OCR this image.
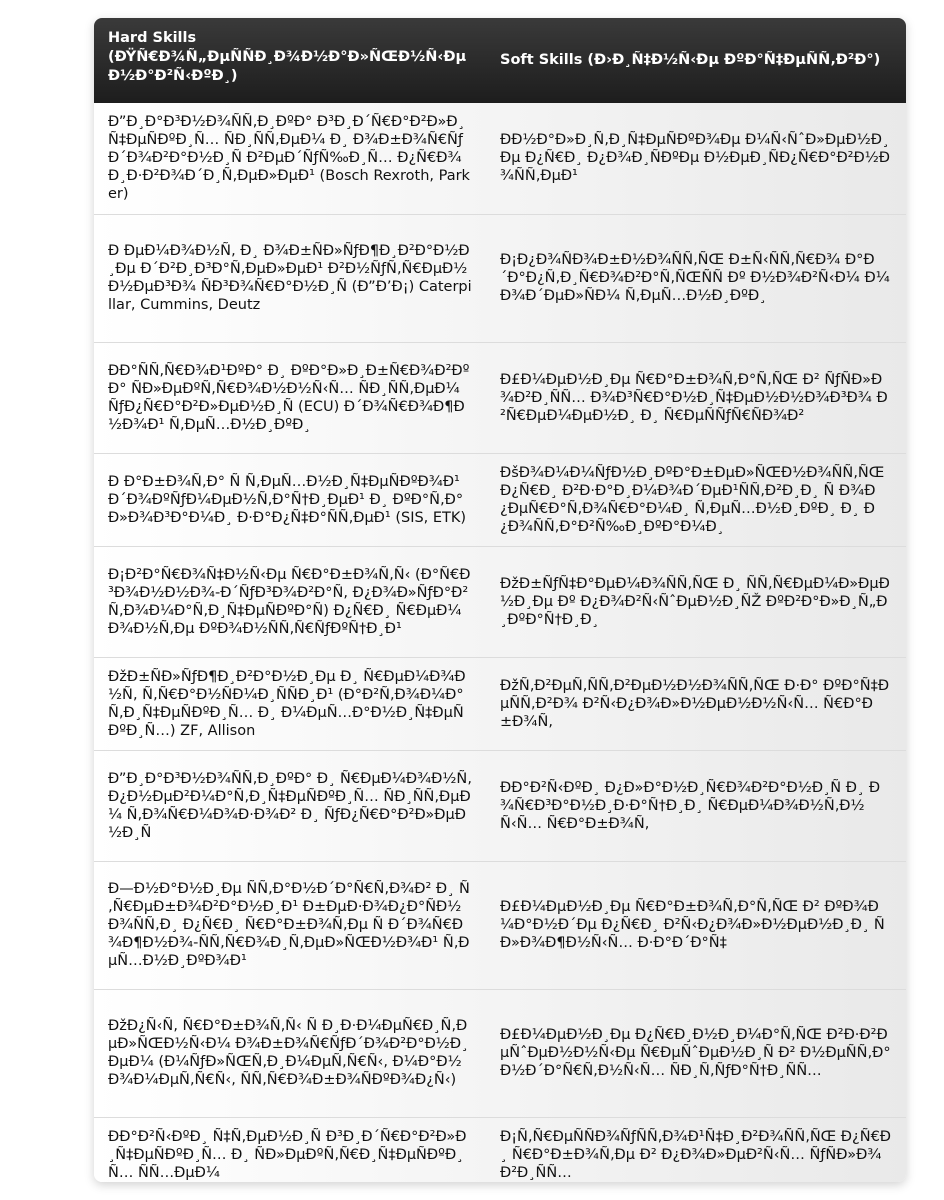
Hard Skills (ÐŸÑ€Ð¾Ñ„ÐµÑÑÐ¸Ð¾Ð½Ð°Ð»ÑŒÐ½Ñ‹Ðµ Ð½Ð°Ð²Ñ‹ÐºÐ¸)	Soft Skills (Ð›Ð¸Ñ‡Ð½Ñ‹Ðµ ÐºÐ°Ñ‡ÐµÑÑ‚Ð²Ð°)
Ð”Ð¸Ð°Ð³Ð½Ð¾ÑÑ‚Ð¸ÐºÐ° Ð³Ð¸Ð´Ñ€Ð°Ð²Ð»Ð¸Ñ‡ÐµÑÐºÐ¸Ñ… ÑÐ¸ÑÑ‚ÐµÐ¼ Ð¸ Ð¾Ð±Ð¾Ñ€ÑƒÐ´Ð¾Ð²Ð°Ð½Ð¸Ñ Ð²ÐµÐ´ÑƒÑ‰Ð¸Ñ… Ð¿Ñ€Ð¾Ð¸Ð·Ð²Ð¾Ð´Ð¸Ñ‚ÐµÐ»ÐµÐ¹ (Bosch Rexroth, Parker)	ÐÐ½Ð°Ð»Ð¸Ñ‚Ð¸Ñ‡ÐµÑÐºÐ¾Ðµ Ð¼Ñ‹ÑˆÐ»ÐµÐ½Ð¸Ðµ Ð¿Ñ€Ð¸ Ð¿Ð¾Ð¸ÑÐºÐµ Ð½ÐµÐ¸ÑÐ¿Ñ€Ð°Ð²Ð½Ð¾ÑÑ‚ÐµÐ¹
Ð ÐµÐ¼Ð¾Ð½Ñ‚ Ð¸ Ð¾Ð±ÑÐ»ÑƒÐ¶Ð¸Ð²Ð°Ð½Ð¸Ðµ Ð´Ð²Ð¸Ð³Ð°Ñ‚ÐµÐ»ÐµÐ¹ Ð²Ð½ÑƒÑ‚Ñ€ÐµÐ½Ð½ÐµÐ³Ð¾ ÑÐ³Ð¾Ñ€Ð°Ð½Ð¸Ñ (Ð”Ð’Ð¡) Caterpillar, Cummins, Deutz	Ð¡Ð¿Ð¾ÑÐ¾Ð±Ð½Ð¾ÑÑ‚ÑŒ Ð±Ñ‹ÑÑ‚Ñ€Ð¾ Ð°Ð´Ð°Ð¿Ñ‚Ð¸Ñ€Ð¾Ð²Ð°Ñ‚ÑŒÑÑ Ðº Ð½Ð¾Ð²Ñ‹Ð¼ Ð¼Ð¾Ð´ÐµÐ»ÑÐ¼ Ñ‚ÐµÑ…Ð½Ð¸ÐºÐ¸
ÐÐ°ÑÑ‚Ñ€Ð¾Ð¹ÐºÐ° Ð¸ ÐºÐ°Ð»Ð¸Ð±Ñ€Ð¾Ð²ÐºÐ° ÑÐ»ÐµÐºÑ‚Ñ€Ð¾Ð½Ð½Ñ‹Ñ… ÑÐ¸ÑÑ‚ÐµÐ¼ ÑƒÐ¿Ñ€Ð°Ð²Ð»ÐµÐ½Ð¸Ñ (ECU) Ð´Ð¾Ñ€Ð¾Ð¶Ð½Ð¾Ð¹ Ñ‚ÐµÑ…Ð½Ð¸ÐºÐ¸	Ð£Ð¼ÐµÐ½Ð¸Ðµ Ñ€Ð°Ð±Ð¾Ñ‚Ð°Ñ‚ÑŒ Ð² ÑƒÑÐ»Ð¾Ð²Ð¸ÑÑ… Ð¾Ð³Ñ€Ð°Ð½Ð¸Ñ‡ÐµÐ½Ð½Ð¾Ð³Ð¾ Ð²Ñ€ÐµÐ¼ÐµÐ½Ð¸ Ð¸ Ñ€ÐµÑÑƒÑ€ÑÐ¾Ð²
Ð Ð°Ð±Ð¾Ñ‚Ð° Ñ Ñ‚ÐµÑ…Ð½Ð¸Ñ‡ÐµÑÐºÐ¾Ð¹ Ð´Ð¾ÐºÑƒÐ¼ÐµÐ½Ñ‚Ð°Ñ†Ð¸ÐµÐ¹ Ð¸ ÐºÐ°Ñ‚Ð°Ð»Ð¾Ð³Ð°Ð¼Ð¸ Ð·Ð°Ð¿Ñ‡Ð°ÑÑ‚ÐµÐ¹ (SIS, ETK)	ÐšÐ¾Ð¼Ð¼ÑƒÐ½Ð¸ÐºÐ°Ð±ÐµÐ»ÑŒÐ½Ð¾ÑÑ‚ÑŒ Ð¿Ñ€Ð¸ Ð²Ð·Ð°Ð¸Ð¼Ð¾Ð´ÐµÐ¹ÑÑ‚Ð²Ð¸Ð¸ Ñ Ð¾Ð¿ÐµÑ€Ð°Ñ‚Ð¾Ñ€Ð°Ð¼Ð¸ Ñ‚ÐµÑ…Ð½Ð¸ÐºÐ¸ Ð¸ Ð¿Ð¾ÑÑ‚Ð°Ð²Ñ‰Ð¸ÐºÐ°Ð¼Ð¸
Ð¡Ð²Ð°Ñ€Ð¾Ñ‡Ð½Ñ‹Ðµ Ñ€Ð°Ð±Ð¾Ñ‚Ñ‹ (Ð°Ñ€Ð³Ð¾Ð½Ð½Ð¾-Ð´ÑƒÐ³Ð¾Ð²Ð°Ñ, Ð¿Ð¾Ð»ÑƒÐ°Ð²Ñ‚Ð¾Ð¼Ð°Ñ‚Ð¸Ñ‡ÐµÑÐºÐ°Ñ) Ð¿Ñ€Ð¸ Ñ€ÐµÐ¼Ð¾Ð½Ñ‚Ðµ ÐºÐ¾Ð½ÑÑ‚Ñ€ÑƒÐºÑ†Ð¸Ð¹	ÐžÐ±ÑƒÑ‡Ð°ÐµÐ¼Ð¾ÑÑ‚ÑŒ Ð¸ ÑÑ‚Ñ€ÐµÐ¼Ð»ÐµÐ½Ð¸Ðµ Ðº Ð¿Ð¾Ð²Ñ‹ÑˆÐµÐ½Ð¸ÑŽ ÐºÐ²Ð°Ð»Ð¸Ñ„Ð¸ÐºÐ°Ñ†Ð¸Ð¸
ÐžÐ±ÑÐ»ÑƒÐ¶Ð¸Ð²Ð°Ð½Ð¸Ðµ Ð¸ Ñ€ÐµÐ¼Ð¾Ð½Ñ‚ Ñ‚Ñ€Ð°Ð½ÑÐ¼Ð¸ÑÑÐ¸Ð¹ (Ð°Ð²Ñ‚Ð¾Ð¼Ð°Ñ‚Ð¸Ñ‡ÐµÑÐºÐ¸Ñ… Ð¸ Ð¼ÐµÑ…Ð°Ð½Ð¸Ñ‡ÐµÑÐºÐ¸Ñ…) ZF, Allison	ÐžÑ‚Ð²ÐµÑ‚ÑÑ‚Ð²ÐµÐ½Ð½Ð¾ÑÑ‚ÑŒ Ð·Ð° ÐºÐ°Ñ‡ÐµÑÑ‚Ð²Ð¾ Ð²Ñ‹Ð¿Ð¾Ð»Ð½ÐµÐ½Ð½Ñ‹Ñ… Ñ€Ð°Ð±Ð¾Ñ‚
Ð”Ð¸Ð°Ð³Ð½Ð¾ÑÑ‚Ð¸ÐºÐ° Ð¸ Ñ€ÐµÐ¼Ð¾Ð½Ñ‚ Ð¿Ð½ÐµÐ²Ð¼Ð°Ñ‚Ð¸Ñ‡ÐµÑÐºÐ¸Ñ… ÑÐ¸ÑÑ‚ÐµÐ¼ Ñ‚Ð¾Ñ€Ð¼Ð¾Ð·Ð¾Ð² Ð¸ ÑƒÐ¿Ñ€Ð°Ð²Ð»ÐµÐ½Ð¸Ñ	ÐÐ°Ð²Ñ‹ÐºÐ¸ Ð¿Ð»Ð°Ð½Ð¸Ñ€Ð¾Ð²Ð°Ð½Ð¸Ñ Ð¸ Ð¾Ñ€Ð³Ð°Ð½Ð¸Ð·Ð°Ñ†Ð¸Ð¸ Ñ€ÐµÐ¼Ð¾Ð½Ñ‚Ð½Ñ‹Ñ… Ñ€Ð°Ð±Ð¾Ñ‚
Ð—Ð½Ð°Ð½Ð¸Ðµ ÑÑ‚Ð°Ð½Ð´Ð°Ñ€Ñ‚Ð¾Ð² Ð¸ Ñ‚Ñ€ÐµÐ±Ð¾Ð²Ð°Ð½Ð¸Ð¹ Ð±ÐµÐ·Ð¾Ð¿Ð°ÑÐ½Ð¾ÑÑ‚Ð¸ Ð¿Ñ€Ð¸ Ñ€Ð°Ð±Ð¾Ñ‚Ðµ Ñ Ð´Ð¾Ñ€Ð¾Ð¶Ð½Ð¾-ÑÑ‚Ñ€Ð¾Ð¸Ñ‚ÐµÐ»ÑŒÐ½Ð¾Ð¹ Ñ‚ÐµÑ…Ð½Ð¸ÐºÐ¾Ð¹	Ð£Ð¼ÐµÐ½Ð¸Ðµ Ñ€Ð°Ð±Ð¾Ñ‚Ð°Ñ‚ÑŒ Ð² ÐºÐ¾Ð¼Ð°Ð½Ð´Ðµ Ð¿Ñ€Ð¸ Ð²Ñ‹Ð¿Ð¾Ð»Ð½ÐµÐ½Ð¸Ð¸ ÑÐ»Ð¾Ð¶Ð½Ñ‹Ñ… Ð·Ð°Ð´Ð°Ñ‡
ÐžÐ¿Ñ‹Ñ‚ Ñ€Ð°Ð±Ð¾Ñ‚Ñ‹ Ñ Ð¸Ð·Ð¼ÐµÑ€Ð¸Ñ‚ÐµÐ»ÑŒÐ½Ñ‹Ð¼ Ð¾Ð±Ð¾Ñ€ÑƒÐ´Ð¾Ð²Ð°Ð½Ð¸ÐµÐ¼ (Ð¼ÑƒÐ»ÑŒÑ‚Ð¸Ð¼ÐµÑ‚Ñ€Ñ‹, Ð¼Ð°Ð½Ð¾Ð¼ÐµÑ‚Ñ€Ñ‹, ÑÑ‚Ñ€Ð¾Ð±Ð¾ÑÐºÐ¾Ð¿Ñ‹)	Ð£Ð¼ÐµÐ½Ð¸Ðµ Ð¿Ñ€Ð¸Ð½Ð¸Ð¼Ð°Ñ‚ÑŒ Ð²Ð·Ð²ÐµÑˆÐµÐ½Ð½Ñ‹Ðµ Ñ€ÐµÑˆÐµÐ½Ð¸Ñ Ð² Ð½ÐµÑÑ‚Ð°Ð½Ð´Ð°Ñ€Ñ‚Ð½Ñ‹Ñ… ÑÐ¸Ñ‚ÑƒÐ°Ñ†Ð¸ÑÑ…
ÐÐ°Ð²Ñ‹ÐºÐ¸ Ñ‡Ñ‚ÐµÐ½Ð¸Ñ Ð³Ð¸Ð´Ñ€Ð°Ð²Ð»Ð¸Ñ‡ÐµÑÐºÐ¸Ñ… Ð¸ ÑÐ»ÐµÐºÑ‚Ñ€Ð¸Ñ‡ÐµÑÐºÐ¸Ñ… ÑÑ…ÐµÐ¼	Ð¡Ñ‚Ñ€ÐµÑÑÐ¾ÑƒÑÑ‚Ð¾Ð¹Ñ‡Ð¸Ð²Ð¾ÑÑ‚ÑŒ Ð¿Ñ€Ð¸ Ñ€Ð°Ð±Ð¾Ñ‚Ðµ Ð² Ð¿Ð¾Ð»ÐµÐ²Ñ‹Ñ… ÑƒÑÐ»Ð¾Ð²Ð¸ÑÑ…
